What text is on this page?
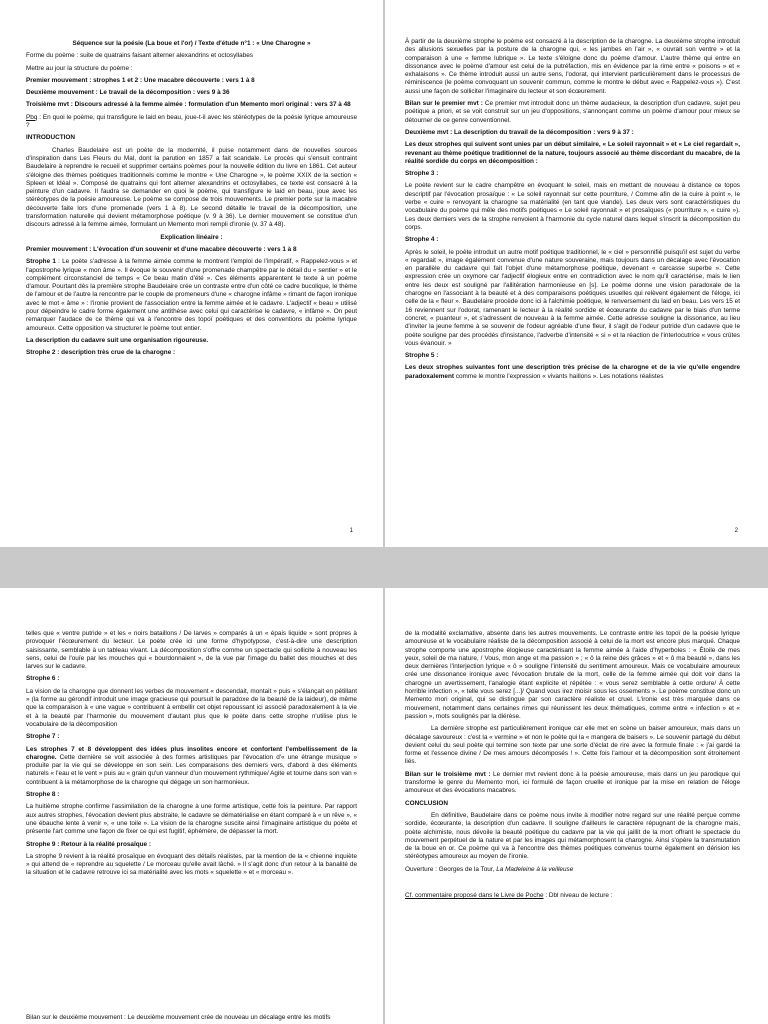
Séquence sur la poésie (La boue et l'or) / Texte d'étude n°1 : « Une Charogne »

Forme du poème : suite de quatrains faisant alterner alexandrins et octosyllabes

Mettre au jour la structure du poème :

Premier mouvement : strophes 1 et 2 : Une macabre découverte : vers 1 à 8

Deuxième mouvement : Le travail de la décomposition : vers 9 à 36

Troisième mvt : Discours adressé à la femme aimée : formulation d'un Memento mori original : vers 37 à 48

Pbq : En quoi le poème, qui transfigure le laid en beau, joue-t-il avec les stéréotypes de la poésie lyrique amoureuse ?

INTRODUCTION

Charles Baudelaire est un poète de la modernité, il puise notamment dans de nouvelles sources d'inspiration dans Les Fleurs du Mal, dont la parution en 1857 a fait scandale. Le procès qui s'ensuit contraint Baudelaire à reprendre le recueil et supprimer certains poèmes pour la nouvelle édition du livre en 1861. Cet auteur s'éloigne des thèmes poétiques traditionnels comme le montre « Une Charogne », le poème XXIX de la section « Spleen et Idéal ». Composé de quatrains qui font alterner alexandrins et octosyllabes, ce texte est consacré à la peinture d'un cadavre. Il faudra se demander en quoi le poème, qui transfigure le laid en beau, joue avec les stéréotypes de la poésie amoureuse. Le poème se compose de trois mouvements. Le premier porte sur la macabre découverte faite lors d'une promenade (vers 1 à 8). Le second détaille le travail de la décomposition, une transformation naturelle qui devient métamorphose poétique (v. 9 à 36). Le dernier mouvement se constitue d'un discours adressé à la femme aimée, formulant un Memento mori rempli d'ironie (v. 37 à 48).

Explication linéaire :

Premier mouvement : L'évocation d'un souvenir et d'une macabre découverte : vers 1 à 8

Strophe 1 : Le poète s'adresse à la femme aimée comme le montrent l'emploi de l'impératif, « Rappelez-vous » et l'apostrophe lyrique « mon âme ». Il évoque le souvenir d'une promenade champêtre par le détail du « sentier » et le complément circonstanciel de temps « Ce beau matin d'été ». Ces éléments apparentent le texte à un poème d'amour. Pourtant dès la première strophe Baudelaire crée un contraste entre d'un côté ce cadre bucolique, le thème de l'amour et de l'autre la rencontre par le couple de promeneurs d'une « charogne infâme » rimant de façon ironique avec le mot « âme » : l'ironie provient de l'association entre la femme aimée et le cadavre. L'adjectif « beau » utilisé pour dépeindre le cadre forme également une antithèse avec celui qui caractérise le cadavre, « infâme ». On peut remarquer l'audace de ce thème qui va à l'encontre des topoï poétiques et des conventions du poème lyrique amoureux. Cette opposition va structurer le poème tout entier.

La description du cadavre suit une organisation rigoureuse.

Strophe 2 : description très crue de la charogne :

1

À partir de la deuxième strophe le poème est consacré à la description de la charogne. La deuxième strophe introduit des allusions sexuelles par la posture de la charogne qui, « les jambes en l'air », « ouvrait son ventre » et la comparaison à une « femme lubrique ». Le texte s'éloigne donc du poème d'amour. L'autre thème qui entre en dissonance avec le poème d'amour est celui de la putréfaction, mis en évidence par la rime entre « poisons » et « exhalaisons ». Ce thème introduit aussi un autre sens, l'odorat, qui intervient particulièrement dans le processus de réminiscence (le poème convoquant un souvenir commun, comme le montre le début avec « Rappelez-vous »). C'est aussi une façon de solliciter l'imaginaire du lecteur et son écœurement.

Bilan sur le premier mvt : Ce premier mvt introduit donc un thème audacieux, la description d'un cadavre, sujet peu poétique a priori, et se voit construit sur un jeu d'oppositions, s'annonçant comme un poème d'amour pour mieux se détourner de ce genre conventionnel.

Deuxième mvt : La description du travail de la décomposition : vers 9 à 37 :

Les deux strophes qui suivent sont unies par un début similaire, « Le soleil rayonnait » et « Le ciel regardait », revenant au thème poétique traditionnel de la nature, toujours associé au thème discordant du macabre, de la réalité sordide du corps en décomposition :

Strophe 3 :

Le poète revient sur le cadre champêtre en évoquant le soleil, mais en mettant de nouveau à distance ce topos descriptif par l'évocation prosaïque : « Le soleil rayonnait sur cette pourriture, / Comme afin de la cuire à point », le verbe « cuire » renvoyant la charogne sa matérialité (en tant que viande). Les deux vers sont caractéristiques du vocabulaire du poème qui mêle des motifs poétiques « Le soleil rayonnait » et prosaïques (« pourriture », « cuire »). Les deux derniers vers de la strophe renvoient à l'harmonie du cycle naturel dans lequel s'inscrit la décomposition du corps.

Strophe 4 :

Après le soleil, le poète introduit un autre motif poétique traditionnel, le « ciel » personnifié puisqu'il est sujet du verbe « regardait », image également convenue d'une nature souveraine, mais toujours dans un décalage avec l'évocation en parallèle du cadavre qui fait l'objet d'une métamorphose poétique, devenant « carcasse superbe ». Cette expression crée un oxymore car l'adjectif élogieux entre en contradiction avec le nom qu'il caractérise, mais le lien entre les deux est souligné par l'allitération harmonieuse en [s]. Le poème donne une vision paradoxale de la charogne en l'associant à la beauté et à des comparaisons poétiques usuelles qui relèvent également de l'éloge, ici celle de la « fleur ». Baudelaire procède donc ici à l'alchimie poétique, le renversement du laid en beau. Les vers 15 et 16 reviennent sur l'odorat, ramenant le lecteur à la réalité sordide et écœurante du cadavre par le biais d'un terme concret, « puanteur », et s'adressent de nouveau à la femme aimée. Cette adresse souligne la dissonance, au lieu d'inviter la jeune femme à se souvenir de l'odeur agréable d'une fleur, il s'agit de l'odeur putride d'un cadavre que le poète souligne par des procédés d'insistance, l'adverbe d'intensité « si » et la réaction de l'interlocutrice « vous crûtes vous évanouir. »

Strophe 5 :

Les deux strophes suivantes font une description très précise de la charogne et de la vie qu'elle engendre paradoxalement comme le montre l'expression « vivants haillons ». Les notations réalistes

2

telles que « ventre putride » et les « noirs bataillons / De larves » comparés à un « épais liquide » sont propres à provoquer l'écœurement du lecteur. Le poète crée ici une forme d'hypotypose, c'est-à-dire une description saisissante, semblable à un tableau vivant. La décomposition s'offre comme un spectacle qui sollicite à nouveau les sens, celui de l'ouïe par les mouches qui « bourdonnaient », de la vue par l'image du ballet des mouches et des larves sur le cadavre.

Strophe 6 :

La vision de la charogne que donnent les verbes de mouvement « descendait, montait » puis « s'élançait en pétillant » (la forme au gérondif introduit une image gracieuse qui poursuit le paradoxe de la beauté de la laideur), de même que la comparaison à « une vague » contribuent à embellir cet objet repoussant ici associé paradoxalement à la vie et à la beauté par l'harmonie du mouvement d'autant plus que le poète dans cette strophe n'utilise plus le vocabulaire de la décomposition

Strophe 7 :

Les strophes 7 et 8 développent des idées plus insolites encore et confortent l'embellissement de la charogne. Cette dernière se voit associée à des formes artistiques par l'évocation d'« une étrange musique » produite par la vie qui se développe en son sein. Les comparaisons des derniers vers, d'abord à des éléments naturels « l'eau et le vent » puis au « grain qu'un vanneur d'un mouvement rythmique/ Agite et tourne dans son van » contribuent à la métamorphose de la charogne qui dégage un son harmonieux.

Strophe 8 :

La huitième strophe confirme l'assimilation de la charogne à une forme artistique, cette fois la peinture. Par rapport aux autres strophes, l'évocation devient plus abstraite, le cadavre se dématérialise en étant comparé à « un rêve », « une ébauche lente à venir », « une toile ». La vision de la charogne suscite ainsi l'imaginaire artistique du poète et présente l'art comme une façon de fixer ce qui est fugitif, éphémère, de dépasser la mort.

Strophe 9 : Retour à la réalité prosaïque :

La strophe 9 revient à la réalité prosaïque en évoquant des détails réalistes, par la mention de la « chienne inquiète » qui attend de « reprendre au squelette / Le morceau qu'elle avait lâché. » Il s'agit donc d'un retour à la banalité de la situation et le cadavre retrouve ici sa matérialité avec les mots « squelette » et « morceau ».

Bilan sur le deuxième mouvement : Le deuxième mouvement crée de nouveau un décalage entre les motifs

de la modalité exclamative, absente dans les autres mouvements. Le contraste entre les topoï de la poésie lyrique amoureuse et le vocabulaire réaliste de la décomposition associé à celui de la mort est encore plus marqué. Chaque strophe comporte une apostrophe élogieuse caractérisant la femme aimée à l'aide d'hyperboles : « Étoile de mes yeux, soleil de ma nature, / Vous, mon ange et ma passion » ; « ô la reine des grâces » et « ô ma beauté », dans les deux dernières l'interjection lyrique « ô » souligne l'intensité du sentiment amoureux. Mais ce vocabulaire amoureux crée une dissonance ironique avec l'évocation brutale de la mort, celle de la femme aimée qui doit voir dans la charogne un avertissement, l'analogie étant explicite et répétée : « vous serez semblable à cette ordure/ À cette horrible infection », « telle vous serez [...]/ Quand vous irez moisir sous les ossements ». Le poème constitue donc un Memento mori original, qui se distingue par son caractère réaliste et cruel. L'ironie est très marquée dans ce mouvement, notamment dans certaines rimes qui réunissent les deux thématiques, comme entre « infection » et « passion », mots soulignés par la diérèse.

La dernière strophe est particulièrement ironique car elle met en scène un baiser amoureux, mais dans un décalage savoureux : c'est la « vermine » et non le poète qui la « mangera de baisers ». Le souvenir partagé du début devient celui du seul poète qui termine son texte par une sorte d'éclat de rire avec la formule finale : « j'ai gardé la forme et l'essence divine / De mes amours décomposés ! ». Cette fois l'amour et la décomposition sont étroitement liés.

Bilan sur le troisième mvt : Le dernier mvt revient donc à la poésie amoureuse, mais dans un jeu parodique qui transforme le genre du Memento mori, ici formulé de façon cruelle et ironique par la mise en relation de l'éloge amoureux et des évocations macabres.

CONCLUSION

En définitive, Baudelaire dans ce poème nous invite à modifier notre regard sur une réalité perçue comme sordide, écœurante, la description d'un cadavre. Il souligne d'ailleurs le caractère répugnant de la charogne mais, poète alchimiste, nous dévoile la beauté poétique du cadavre par la vie qui jaillit de la mort offrant le spectacle du mouvement perpétuel de la nature et par les images qui métamorphosent la charogne. Ainsi s'opère la transmutation de la boue en or. Ce poème qui va à l'encontre des thèmes poétiques convenus tourne également en dérision les stéréotypes amoureux au moyen de l'ironie.

Ouverture : Georges de la Tour, La Madeleine à la veilleuse

Cf. commentaire proposé dans le Livre de Poche : Dbl niveau de lecture :
